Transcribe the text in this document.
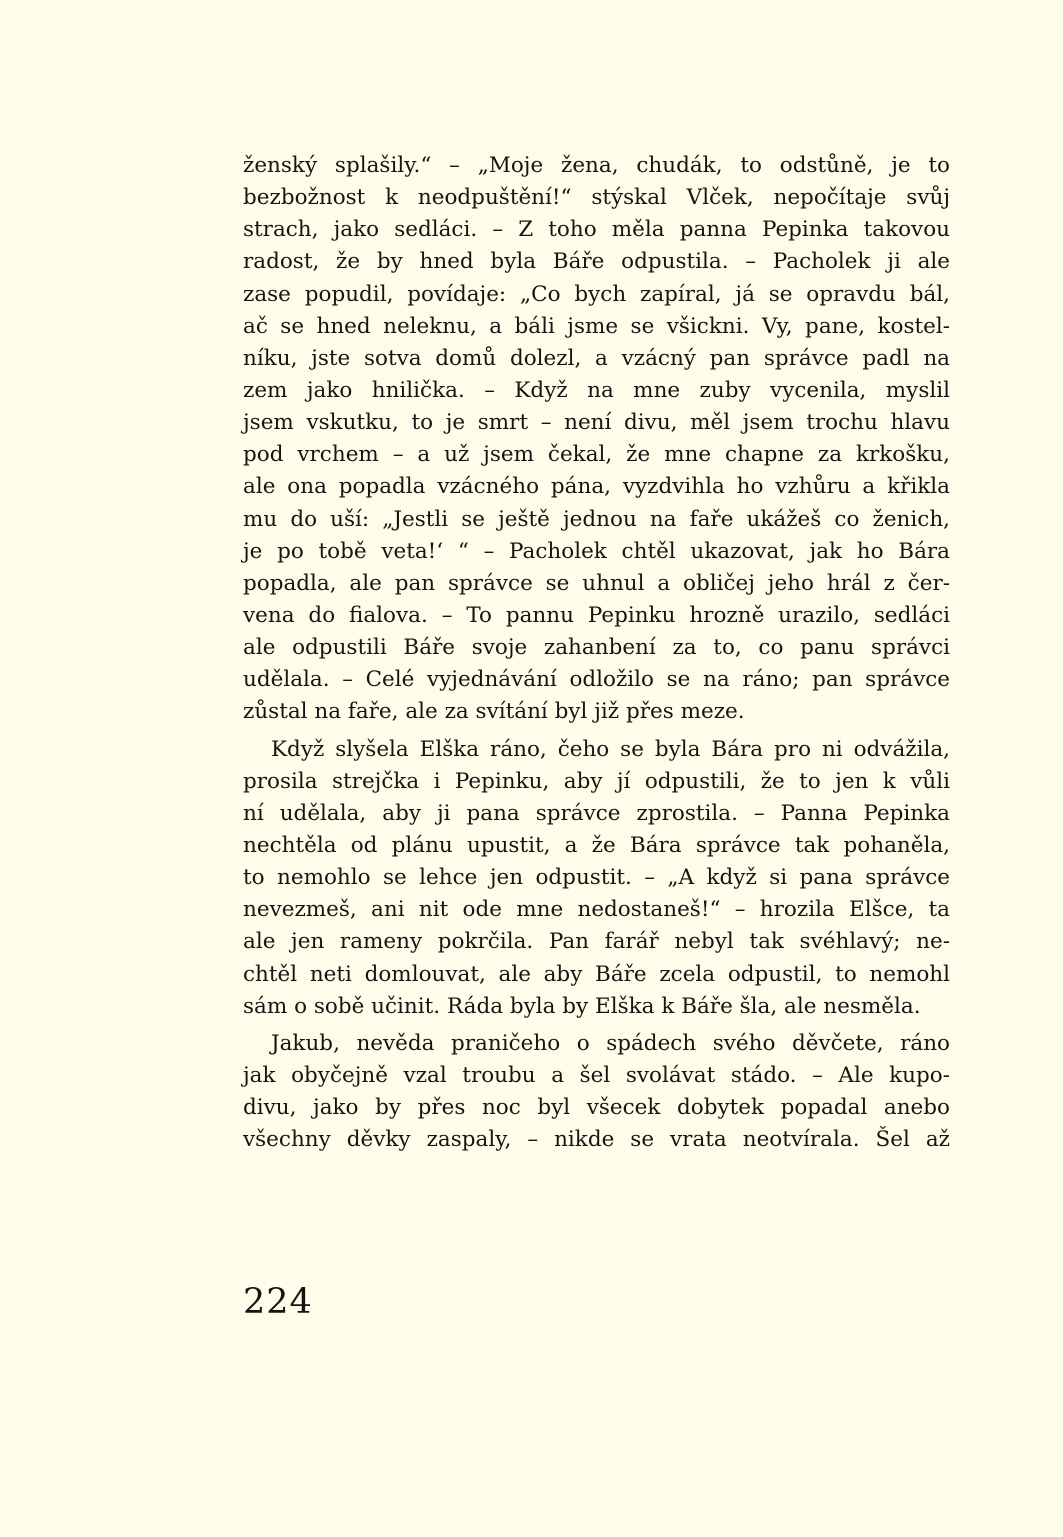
ženský splašily.“ – „Moje žena, chudák, to odstůně, je to
bezbožnost k neodpuštění!“ stýskal Vlček, nepočítaje svůj
strach, jako sedláci. – Z toho měla panna Pepinka takovou
radost, že by hned byla Báře odpustila. – Pacholek ji ale
zase popudil, povídaje: „Co bych zapíral, já se opravdu bál,
ač se hned neleknu, a báli jsme se všickni. Vy, pane, kostel-
níku, jste sotva domů dolezl, a vzácný pan správce padl na
zem jako hnilička. – Když na mne zuby vycenila, myslil
jsem vskutku, to je smrt – není divu, měl jsem trochu hlavu
pod vrchem – a už jsem čekal, že mne chapne za krkošku,
ale ona popadla vzácného pána, vyzdvihla ho vzhůru a křikla
mu do uší: „Jestli se ještě jednou na faře ukážeš co ženich,
je po tobě veta!‘ “ – Pacholek chtěl ukazovat, jak ho Bára
popadla, ale pan správce se uhnul a obličej jeho hrál z čer-
vena do fialova. – To pannu Pepinku hrozně urazilo, sedláci
ale odpustili Báře svoje zahanbení za to, co panu správci
udělala. – Celé vyjednávání odložilo se na ráno; pan správce
zůstal na faře, ale za svítání byl již přes meze.
Když slyšela Elška ráno, čeho se byla Bára pro ni odvážila,
prosila strejčka i Pepinku, aby jí odpustili, že to jen k vůli
ní udělala, aby ji pana správce zprostila. – Panna Pepinka
nechtěla od plánu upustit, a že Bára správce tak pohaněla,
to nemohlo se lehce jen odpustit. – „A když si pana správce
nevezmeš, ani nit ode mne nedostaneš!“ – hrozila Elšce, ta
ale jen rameny pokrčila. Pan farář nebyl tak svéhlavý; ne-
chtěl neti domlouvat, ale aby Báře zcela odpustil, to nemohl
sám o sobě učinit. Ráda byla by Elška k Báře šla, ale nesměla.
Jakub, nevěda praničeho o spádech svého děvčete, ráno
jak obyčejně vzal troubu a šel svolávat stádo. – Ale kupo-
divu, jako by přes noc byl všecek dobytek popadal anebo
všechny děvky zaspaly, – nikde se vrata neotvírala. Šel až
224
